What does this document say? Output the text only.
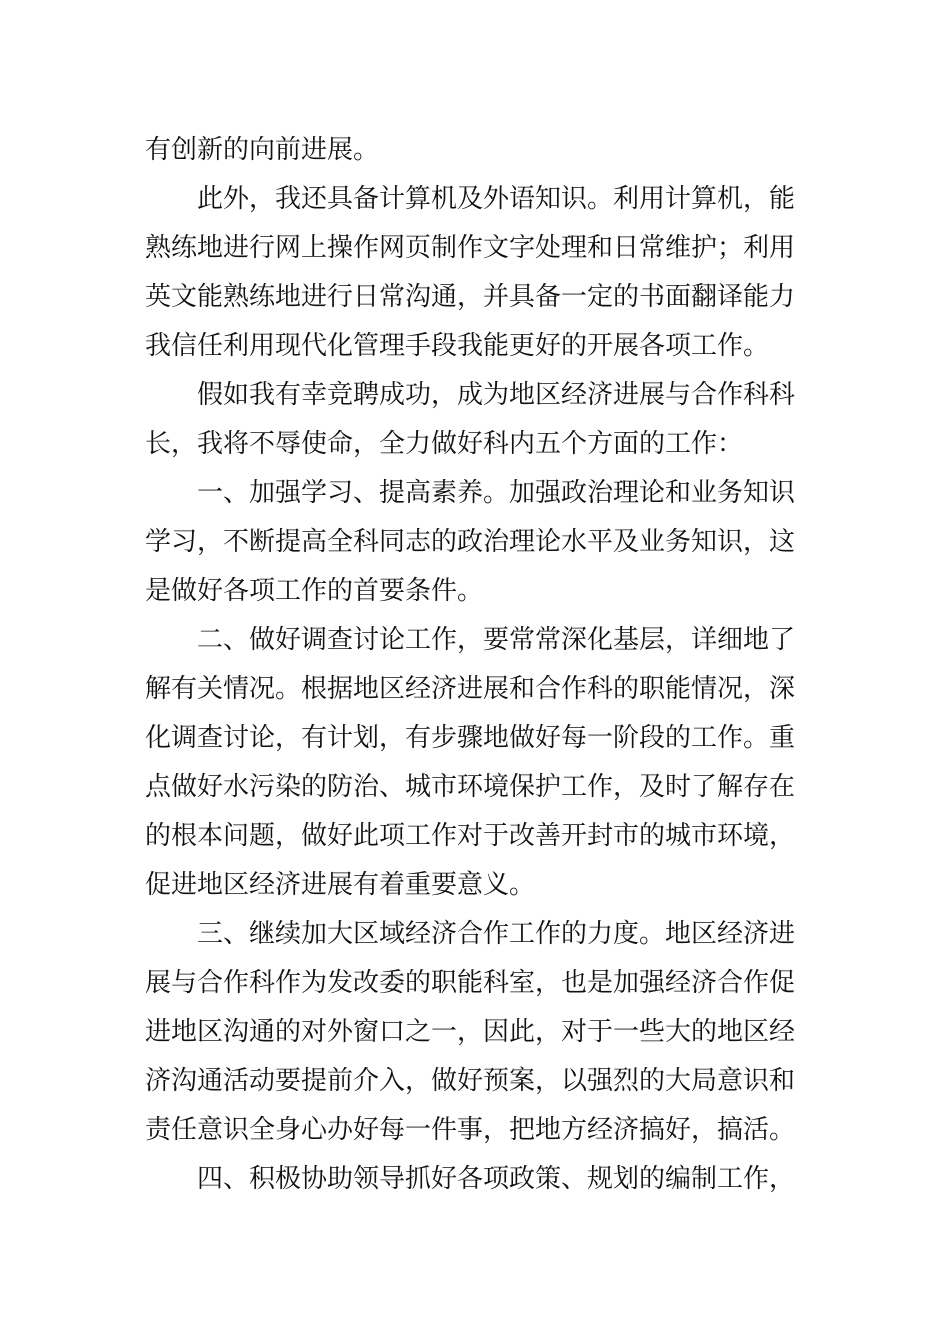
有创新的向前进展。
此外，我还具备计算机及外语知识。利用计算机，能
熟练地进行网上操作网页制作文字处理和日常维护；利用
英文能熟练地进行日常沟通，并具备一定的书面翻译能力
我信任利用现代化管理手段我能更好的开展各项工作。
假如我有幸竞聘成功，成为地区经济进展与合作科科
长，我将不辱使命，全力做好科内五个方面的工作：
一、加强学习、提高素养。加强政治理论和业务知识
学习，不断提高全科同志的政治理论水平及业务知识，这
是做好各项工作的首要条件。
二、做好调查讨论工作，要常常深化基层，详细地了
解有关情况。根据地区经济进展和合作科的职能情况，深
化调查讨论，有计划，有步骤地做好每一阶段的工作。重
点做好水污染的防治、城市环境保护工作，及时了解存在
的根本问题，做好此项工作对于改善开封市的城市环境，
促进地区经济进展有着重要意义。
三、继续加大区域经济合作工作的力度。地区经济进
展与合作科作为发改委的职能科室，也是加强经济合作促
进地区沟通的对外窗口之一，因此，对于一些大的地区经
济沟通活动要提前介入，做好预案，以强烈的大局意识和
责任意识全身心办好每一件事，把地方经济搞好，搞活。
四、积极协助领导抓好各项政策、规划的编制工作，
